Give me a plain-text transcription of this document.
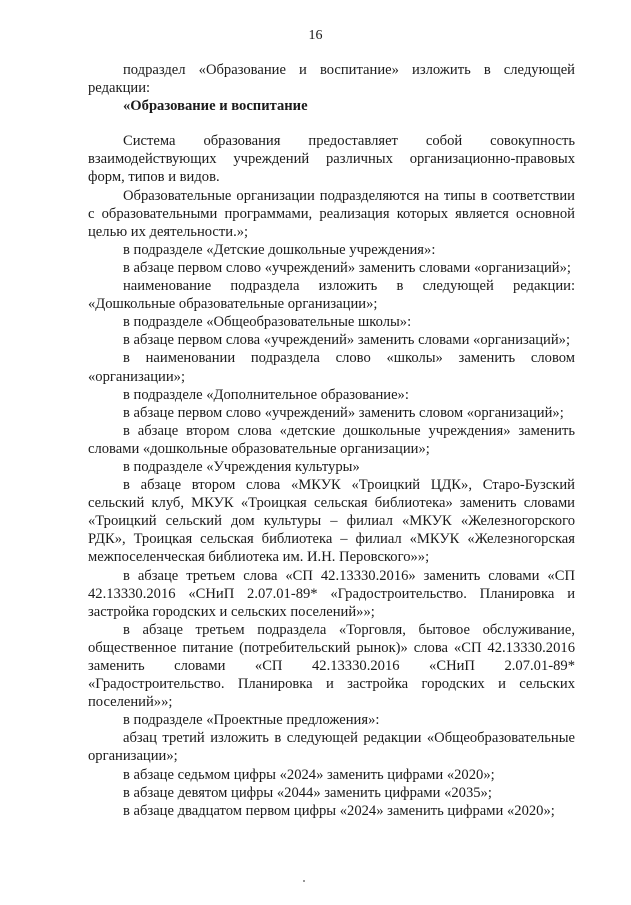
16

подраздел «Образование и воспитание» изложить в следующей редакции:

«Образование и воспитание

Система образования предоставляет собой совокупность взаимодействующих учреждений различных организационно-правовых форм, типов и видов.

Образовательные организации подразделяются на типы в соответствии с образовательными программами, реализация которых является основной целью их деятельности.»;

в подразделе «Детские дошкольные учреждения»:

в абзаце первом слово «учреждений» заменить словами «организаций»;

наименование подраздела изложить в следующей редакции: «Дошкольные образовательные организации»;

в подразделе «Общеобразовательные школы»:

в абзаце первом слова «учреждений» заменить словами «организаций»;

в наименовании подраздела слово «школы» заменить словом «организации»;

в подразделе «Дополнительное образование»:

в абзаце первом слово «учреждений» заменить словом «организаций»;

в абзаце втором слова «детские дошкольные учреждения» заменить словами «дошкольные образовательные организации»;

в подразделе «Учреждения культуры»

в абзаце втором слова «МКУК «Троицкий ЦДК», Старо-Бузский сельский клуб, МКУК «Троицкая сельская библиотека» заменить словами «Троицкий сельский дом культуры – филиал «МКУК «Железногорского РДК», Троицкая сельская библиотека – филиал «МКУК «Железногорская межпоселенческая библиотека им. И.Н. Перовского»»;

в абзаце третьем слова «СП 42.13330.2016» заменить словами «СП 42.13330.2016 «СНиП 2.07.01-89* «Градостроительство. Планировка и застройка городских и сельских поселений»»;

в абзаце третьем подраздела «Торговля, бытовое обслуживание, общественное питание (потребительский рынок)» слова «СП 42.13330.2016 заменить словами «СП 42.13330.2016 «СНиП 2.07.01-89* «Градостроительство. Планировка и застройка городских и сельских поселений»»;

в подразделе «Проектные предложения»:

абзац третий изложить в следующей редакции «Общеобразовательные организации»;

в абзаце седьмом цифры «2024» заменить цифрами «2020»;

в абзаце девятом цифры «2044» заменить цифрами «2035»;

в абзаце двадцатом первом цифры «2024» заменить цифрами «2020»;
